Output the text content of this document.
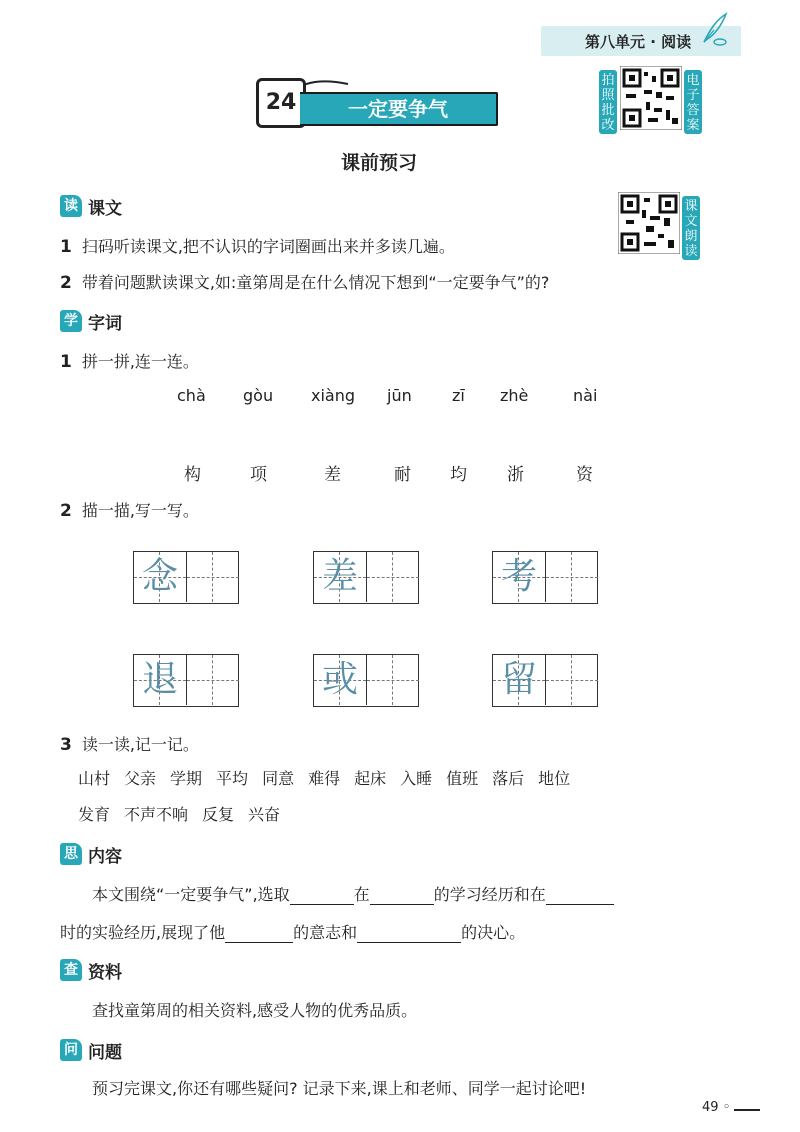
第八单元 · 阅读
24	一定要争气
拍照批改
电子答案
课前预习
课文朗读
读 课文
1 扫码听读课文,把不认识的字词圈画出来并多读几遍。
2 带着问题默读课文,如:童第周是在什么情况下想到“一定要争气”的?
学 字词
1 拼一拼,连一连。
chà gòu xiàng jūn	zī zhè	nài
构	项	差	耐 均 浙	资
2 描一描,写一写。
念	差	考
退	或	留
3 读一读,记一记。
山村 父亲 学期 平均 同意 难得 起床 入睡 值班 落后 地位
发育 不声不响 反复 兴奋
思 内容
本文围绕“一定要争气”,选取	在	的学习经历和在
时的实验经历,展现了他	的意志和	的决心。
查 资料
查找童第周的相关资料,感受人物的优秀品质。
问 问题
预习完课文,你还有哪些疑问? 记录下来,课上和老师、同学一起讨论吧!
49 ◦
